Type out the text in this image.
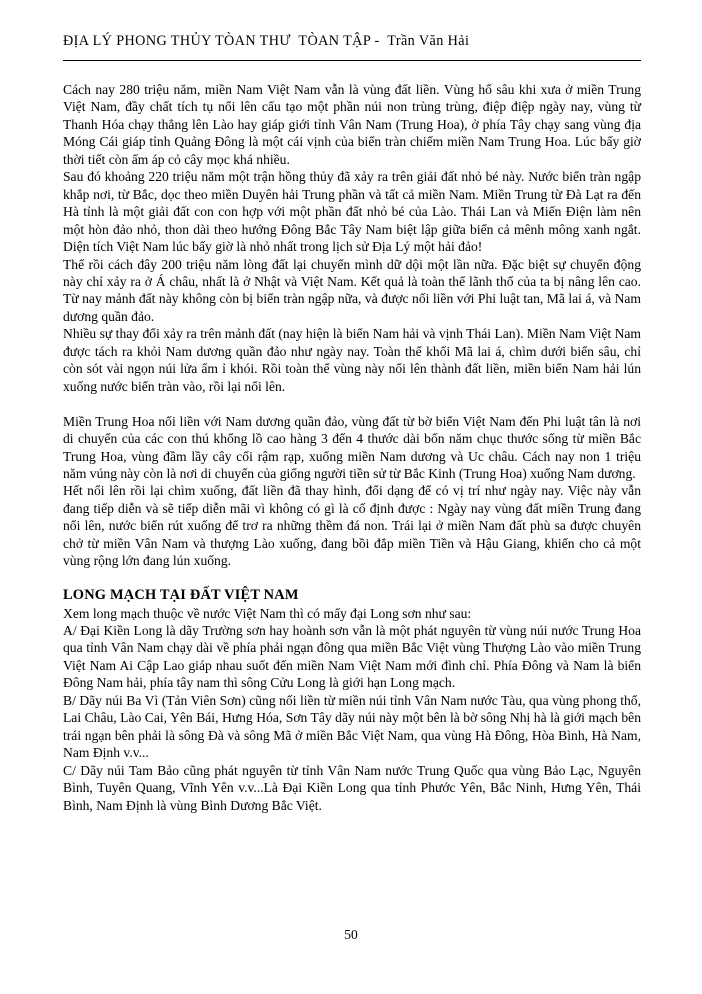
ĐỊA LÝ PHONG THỦY TÒAN THƯ  TÒAN TẬP -  Trần Văn Hải

Cách nay 280 triệu năm, miền Nam Việt Nam vẫn là vùng đất liền. Vùng hố sâu khi xưa ở miền Trung Việt Nam, đầy chất tích tụ nổi lên cấu tạo một phần núi non trùng trùng, điệp điệp ngày nay, vùng từ Thanh Hóa chạy thẳng lên Lào hay giáp giới tỉnh Vân Nam (Trung Hoa), ở phía Tây chạy sang vùng địa Móng Cái giáp tỉnh Quảng Đông là một cái vịnh của biển tràn chiếm miền Nam Trung Hoa. Lúc bấy giờ thời tiết còn ấm áp cỏ cây mọc khá nhiều.

Sau đó khoảng 220 triệu năm một trận hồng thủy đã xảy ra trên giải đất nhỏ bé này. Nước biển tràn ngập khắp nơi, từ Bắc, dọc theo miền Duyên hải Trung phần và tất cả miền Nam. Miền Trung từ Đà Lạt ra đến Hà tỉnh là một giải đất con con hợp với một phần đất nhỏ bé của Lào. Thái Lan và Miến Điện làm nên một hòn đảo nhỏ, thon dài theo hướng Đông Bắc Tây Nam biệt lập giữa biển cả mênh mông xanh ngắt. Diện tích Việt Nam lúc bấy giờ là nhỏ nhất trong lịch sử Địa Lý một hải đảo!

Thế rồi cách đây 200 triệu năm lòng đất lại chuyển mình dữ dội một lần nữa. Đặc biệt sự chuyển động này chỉ xảy ra ở Á châu, nhất là ở Nhật và Việt Nam. Kết quả là toàn thể lãnh thổ của ta bị nâng lên cao. Từ nay mảnh đất này không còn bị biển tràn ngập nữa, và được nối liền với Phi luật tan, Mã lai á, và Nam dương quần đảo.

Nhiều sự thay đổi xảy ra trên mảnh đất (nay hiện là biển Nam hải và vịnh Thái Lan). Miền Nam Việt Nam được tách ra khỏi Nam dương quần đảo như ngày nay. Toàn thể khối Mã lai á, chìm dưới biển sâu, chỉ còn sót vài ngọn núi lửa ẩm ỉ khói. Rồi toàn thể vùng này nổi lên thành đất liền, miền biển Nam hải lún xuống nước biển tràn vào, rồi lại nổi lên.

Miền Trung Hoa nối liền với Nam dương quần đảo, vùng đất từ bờ biển Việt Nam đến Phi luật tân là nơi di chuyển của các con thú khổng lồ cao hàng 3 đến 4 thước dài bốn năm chục thước sống từ miền Bắc Trung Hoa, vùng đầm lầy cây cối rậm rạp, xuống miền Nam dương và Uc châu. Cách nay non 1 triệu năm vúng này còn là nơi di chuyển của giống người tiền sử từ Bắc Kinh (Trung Hoa) xuống Nam dương.

Hết nổi lên rồi lại chìm xuống, đất liền đã thay hình, đổi dạng để có vị trí như ngày nay. Việc này vẫn đang tiếp diễn và sẽ tiếp diễn mãi vì không có gì là cố định được : Ngày nay vùng đất miền Trung đang nổi lên, nước biển rút xuống để trơ ra những thềm đá non. Trái lại ở miền Nam đất phù sa được chuyên chở từ miền Vân Nam và thượng Lào xuống, đang bồi đắp miền Tiền và Hậu Giang, khiến cho cả một vùng rộng lớn đang lún xuống.

LONG MẠCH TẠI ĐẤT VIỆT NAM

Xem long mạch thuộc về nước Việt Nam thì có mấy đại Long sơn như sau:

A/ Đại Kiền Long là dãy Trường sơn hay hoành sơn vẫn là một phát nguyên từ vùng núi nước Trung Hoa qua tỉnh Vân Nam chạy dài về phía phải ngạn đông qua miền Bắc Việt vùng Thượng Lào vào miền Trung Việt Nam Ai Cập Lao giáp nhau suốt đến miền Nam Việt Nam mới đình chỉ. Phía Đông và Nam là biển Đông Nam hải, phía tây nam thì sông Cửu Long là giới hạn Long mạch.

B/ Dãy núi Ba Vì (Tản Viên Sơn) cũng nối liền từ miền núi tỉnh Vân Nam nước Tàu, qua vùng phong thổ, Lai Châu, Lào Cai, Yên Bái, Hưng Hóa, Sơn Tây dãy núi này một bên là bờ sông Nhị hà là giới mạch bên trái ngạn bên phải là sông Đà và sông Mã ở miền Bắc Việt Nam, qua vùng Hà Đông, Hòa Bình, Hà Nam, Nam Định v.v...

C/ Dãy núi Tam Bảo cũng phát nguyên từ tỉnh Vân Nam nước Trung Quốc qua vùng Bảo Lạc, Nguyên Bình, Tuyên Quang, Vĩnh Yên v.v...Là Đại Kiền Long qua tỉnh Phước Yên, Bắc Ninh, Hưng Yên, Thái Bình, Nam Định là vùng Bình Dương Bắc Việt.

50
